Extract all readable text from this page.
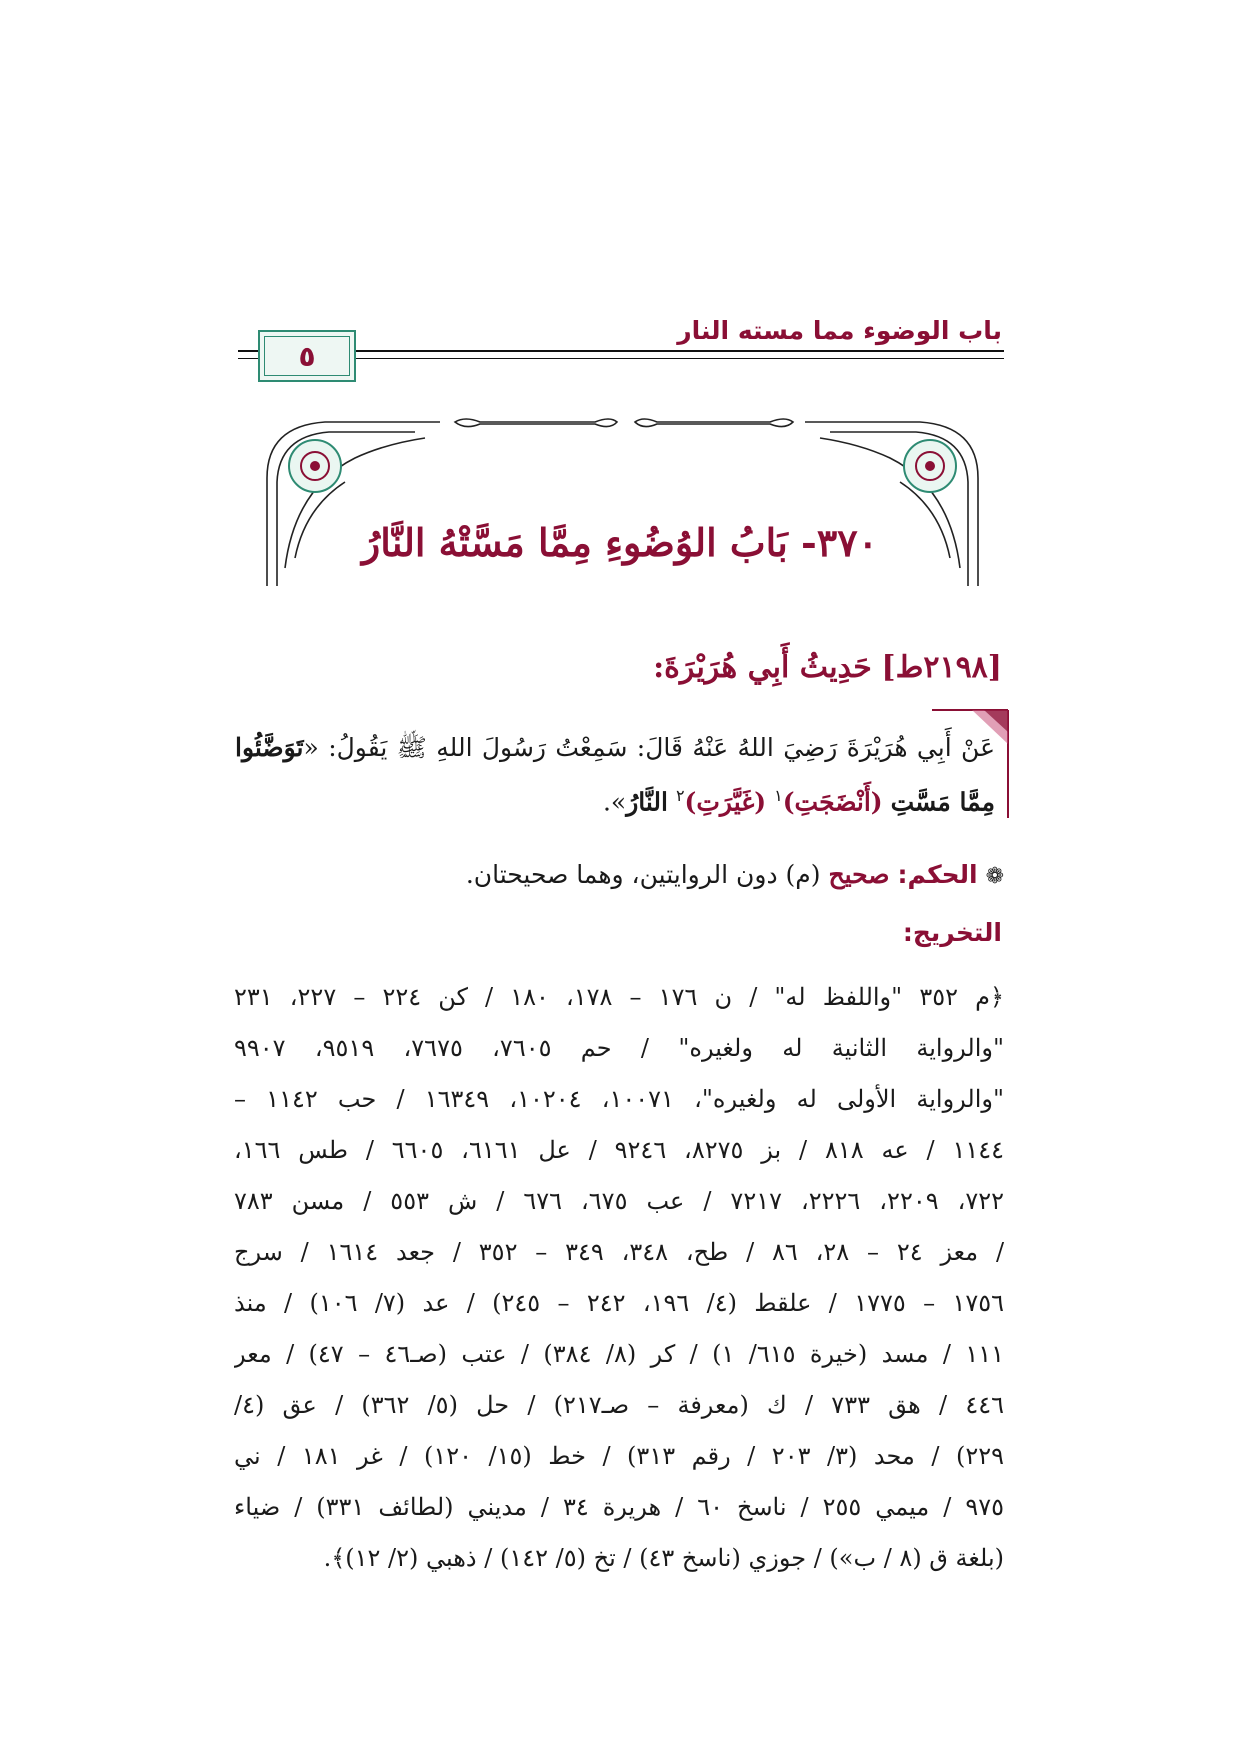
باب الوضوء مما مسته النار
٥
٣٧٠- بَابُ الوُضُوءِ مِمَّا مَسَّتْهُ النَّارُ
[٢١٩٨ط] حَدِيثُ أَبِي هُرَيْرَةَ:
عَنْ أَبِي هُرَيْرَةَ رَضِيَ اللهُ عَنْهُ قَالَ: سَمِعْتُ رَسُولَ اللهِ ﷺ يَقُولُ: «تَوَضَّئُوا مِمَّا مَسَّتِ (أَنْضَجَتِ)$^١$ (غَيَّرَتِ)$^٢$ النَّارُ».
❁ الحكم: صحيح (م) دون الروايتين، وهما صحيحتان.
التخريج:
﴿م ٣٥٢ "واللفظ له" / ن ١٧٦ – ١٧٨، ١٨٠ / كن ٢٢٤ – ٢٢٧، ٢٣١
"والرواية الثانية له ولغيره" / حم ٧٦٠٥، ٧٦٧٥، ٩٥١٩، ٩٩٠٧
"والرواية الأولى له ولغيره"، ١٠٠٧١، ١٠٢٠٤، ١٦٣٤٩ / حب ١١٤٢ –
١١٤٤ / عه ٨١٨ / بز ٨٢٧٥، ٩٢٤٦ / عل ٦١٦١، ٦٦٠٥ / طس ١٦٦،
٧٢٢، ٢٢٠٩، ٢٢٢٦، ٧٢١٧ / عب ٦٧٥، ٦٧٦ / ش ٥٥٣ / مسن ٧٨٣
/ معز ٢٤ – ٢٨، ٨٦ / طح، ٣٤٨، ٣٤٩ – ٣٥٢ / جعد ١٦١٤ / سرج
١٧٥٦ – ١٧٧٥ / علقط (٤/ ١٩٦، ٢٤٢ – ٢٤٥) / عد (٧/ ١٠٦) / منذ
١١١ / مسد (خيرة ٦١٥/ ١) / كر (٨/ ٣٨٤) / عتب (صـ٤٦ – ٤٧) / معر
٤٤٦ / هق ٧٣٣ / ك (معرفة – صـ٢١٧) / حل (٥/ ٣٦٢) / عق (٤/
٢٢٩) / محد (٣/ ٢٠٣ / رقم ٣١٣) / خط (١٥/ ١٢٠) / غر ١٨١ / ني
٩٧٥ / ميمي ٢٥٥ / ناسخ ٦٠ / هريرة ٣٤ / مديني (لطائف ٣٣١) / ضياء
(بلغة ق (٨ / ب») / جوزي (ناسخ ٤٣) / تخ (٥/ ١٤٢) / ذهبي (٢/ ١٢)﴾.
